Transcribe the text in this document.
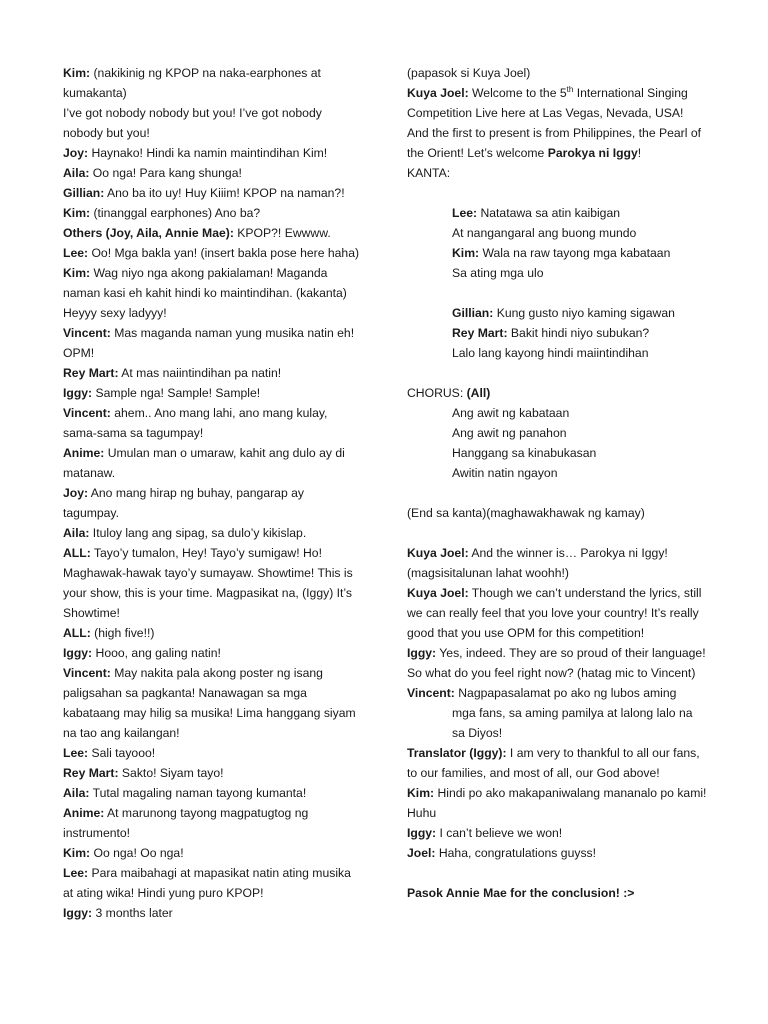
Kim: (nakikinig ng KPOP na naka-earphones at kumakanta)
I’ve got nobody nobody but you! I’ve got nobody nobody but you!
Joy: Haynako! Hindi ka namin maintindihan Kim!
Aila: Oo nga! Para kang shunga!
Gillian: Ano ba ito uy! Huy Kiiim! KPOP na naman?!
Kim: (tinanggal earphones) Ano ba?
Others (Joy, Aila, Annie Mae): KPOP?! Ewwww.
Lee: Oo! Mga bakla yan! (insert bakla pose here haha)
Kim: Wag niyo nga akong pakialaman! Maganda naman kasi eh kahit hindi ko maintindihan. (kakanta) Heyyy sexy ladyyy!
Vincent: Mas maganda naman yung musika natin eh! OPM!
Rey Mart: At mas naiintindihan pa natin!
Iggy: Sample nga! Sample! Sample!
Vincent: ahem.. Ano mang lahi, ano mang kulay, sama-sama sa tagumpay!
Anime: Umulan man o umaraw, kahit ang dulo ay di matanaw.
Joy: Ano mang hirap ng buhay, pangarap ay tagumpay.
Aila: Ituloy lang ang sipag, sa dulo’y kikislap.
ALL: Tayo’y tumalon, Hey! Tayo’y sumigaw! Ho! Maghawak-hawak tayo’y sumayaw. Showtime! This is your show, this is your time. Magpasikat na, (Iggy) It’s Showtime!
ALL: (high five!!)
Iggy: Hooo, ang galing natin!
Vincent: May nakita pala akong poster ng isang paligsahan sa pagkanta! Nanawagan sa mga kabataang may hilig sa musika! Lima hanggang siyam na tao ang kailangan!
Lee: Sali tayooo!
Rey Mart: Sakto! Siyam tayo!
Aila: Tutal magaling naman tayong kumanta!
Anime: At marunong tayong magpatugtog ng instrumento!
Kim: Oo nga! Oo nga!
Lee: Para maibahagi at mapasikat natin ating musika at ating wika! Hindi yung puro KPOP!
Iggy: 3 months later
(papasok si Kuya Joel)
Kuya Joel: Welcome to the 5th International Singing Competition Live here at Las Vegas, Nevada, USA! And the first to present is from Philippines, the Pearl of the Orient! Let’s welcome Parokya ni Iggy!
KANTA:
Lee: Natatawa sa atin kaibigan
At nangangaral ang buong mundo
Kim: Wala na raw tayong mga kabataan
Sa ating mga ulo
Gillian: Kung gusto niyo kaming sigawan
Rey Mart: Bakit hindi niyo subukan?
Lalo lang kayong hindi maiintindihan
CHORUS: (All)
Ang awit ng kabataan
Ang awit ng panahon
Hanggang sa kinabukasan
Awitin natin ngayon
(End sa kanta)(maghawakhawak ng kamay)
Kuya Joel: And the winner is… Parokya ni Iggy! (magsisitalunan lahat woohh!)
Kuya Joel: Though we can’t understand the lyrics, still we can really feel that you love your country! It’s really good that you use OPM for this competition!
Iggy: Yes, indeed. They are so proud of their language! So what do you feel right now? (hatag mic to Vincent)
Vincent: Nagpapasalamat po ako ng lubos aming
mga fans, sa aming pamilya at lalong lalo na
sa Diyos!
Translator (Iggy): I am very to thankful to all our fans, to our families, and most of all, our God above!
Kim: Hindi po ako makapaniwalang mananalo po kami! Huhu
Iggy: I can’t believe we won!
Joel: Haha, congratulations guyss!
Pasok Annie Mae for the conclusion! :>
